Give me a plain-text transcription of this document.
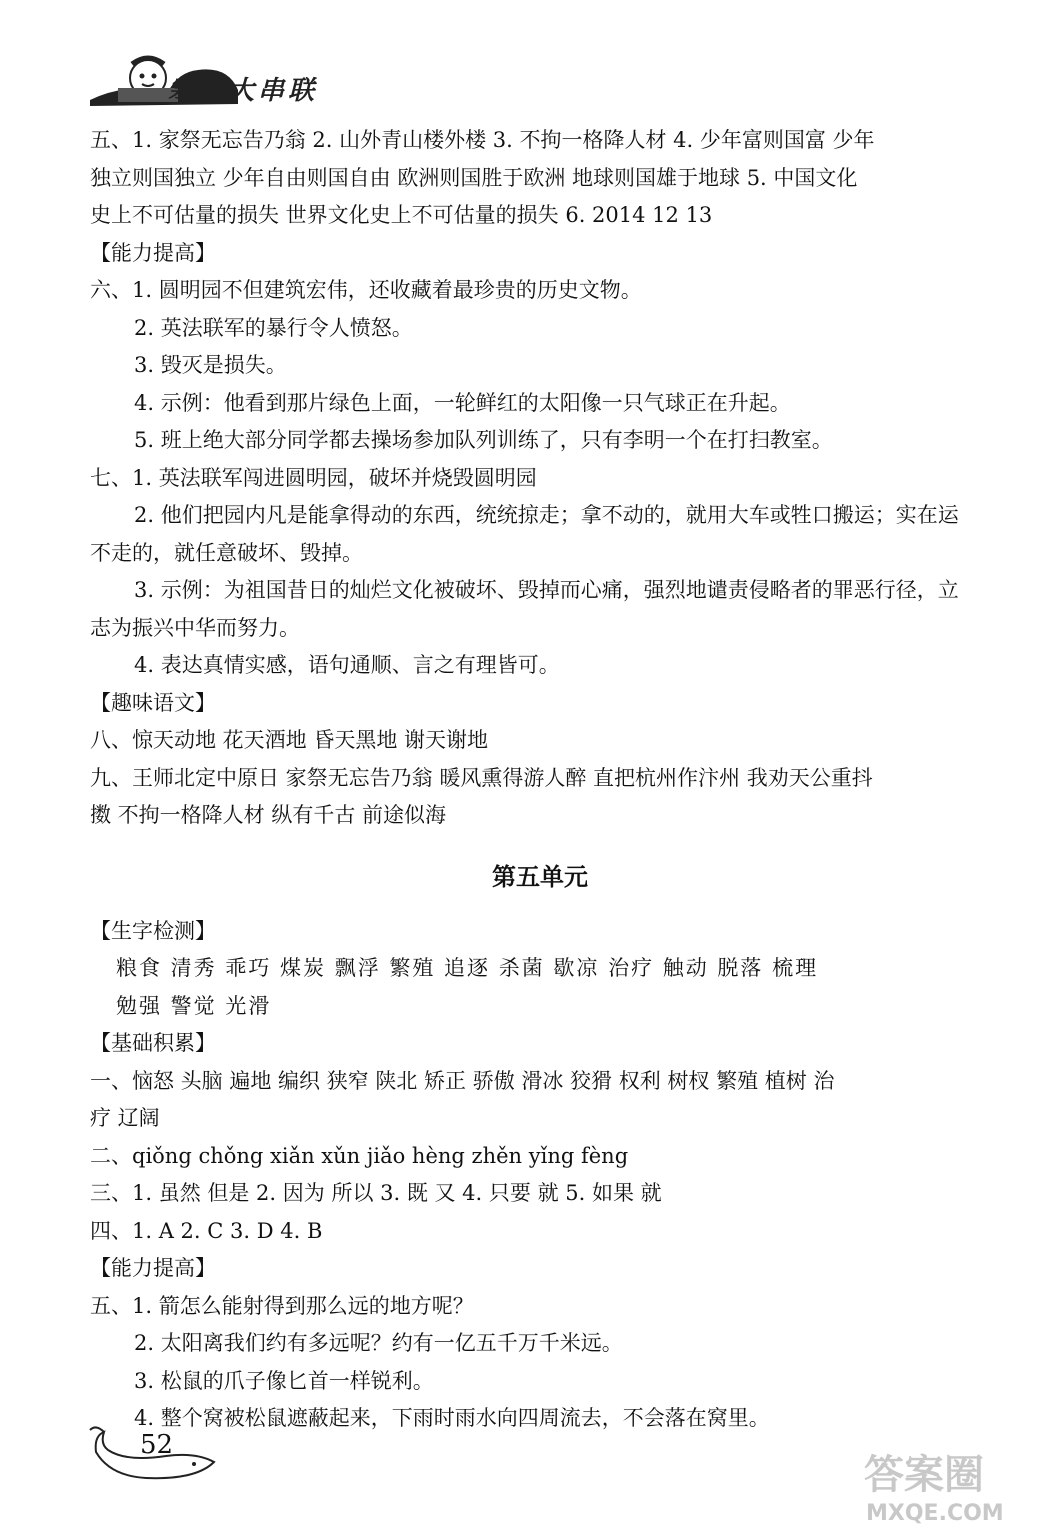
寒假大串联
五、1. 家祭无忘告乃翁 2. 山外青山楼外楼 3. 不拘一格降人材 4. 少年富则国富 少年
独立则国独立 少年自由则国自由 欧洲则国胜于欧洲 地球则国雄于地球 5. 中国文化
史上不可估量的损失 世界文化史上不可估量的损失 6. 2014 12 13
【能力提高】
六、1. 圆明园不但建筑宏伟，还收藏着最珍贵的历史文物。
2. 英法联军的暴行令人愤怒。
3. 毁灭是损失。
4. 示例：他看到那片绿色上面，一轮鲜红的太阳像一只气球正在升起。
5. 班上绝大部分同学都去操场参加队列训练了，只有李明一个在打扫教室。
七、1. 英法联军闯进圆明园，破坏并烧毁圆明园
2. 他们把园内凡是能拿得动的东西，统统掠走；拿不动的，就用大车或牲口搬运；实在运
不走的，就任意破坏、毁掉。
3. 示例：为祖国昔日的灿烂文化被破坏、毁掉而心痛，强烈地谴责侵略者的罪恶行径，立
志为振兴中华而努力。
4. 表达真情实感，语句通顺、言之有理皆可。
【趣味语文】
八、惊天动地 花天酒地 昏天黑地 谢天谢地
九、王师北定中原日 家祭无忘告乃翁 暖风熏得游人醉 直把杭州作汴州 我劝天公重抖
擞 不拘一格降人材 纵有千古 前途似海
第五单元
【生字检测】
粮食 清秀 乖巧 煤炭 飘浮 繁殖 追逐 杀菌 歇凉 治疗 触动 脱落 梳理
勉强 警觉 光滑
【基础积累】
一、恼怒 头脑 遍地 编织 狭窄 陕北 矫正 骄傲 滑冰 狡猾 权利 树杈 繁殖 植树 治
疗 辽阔
二、qiǒng chǒng xiǎn xǔn jiǎo hèng zhěn yǐng fèng
三、1. 虽然 但是 2. 因为 所以 3. 既 又 4. 只要 就 5. 如果 就
四、1. A 2. C 3. D 4. B
【能力提高】
五、1. 箭怎么能射得到那么远的地方呢？
2. 太阳离我们约有多远呢？约有一亿五千万千米远。
3. 松鼠的爪子像匕首一样锐利。
4. 整个窝被松鼠遮蔽起来，下雨时雨水向四周流去，不会落在窝里。
52
答案圈
MXQE.COM
